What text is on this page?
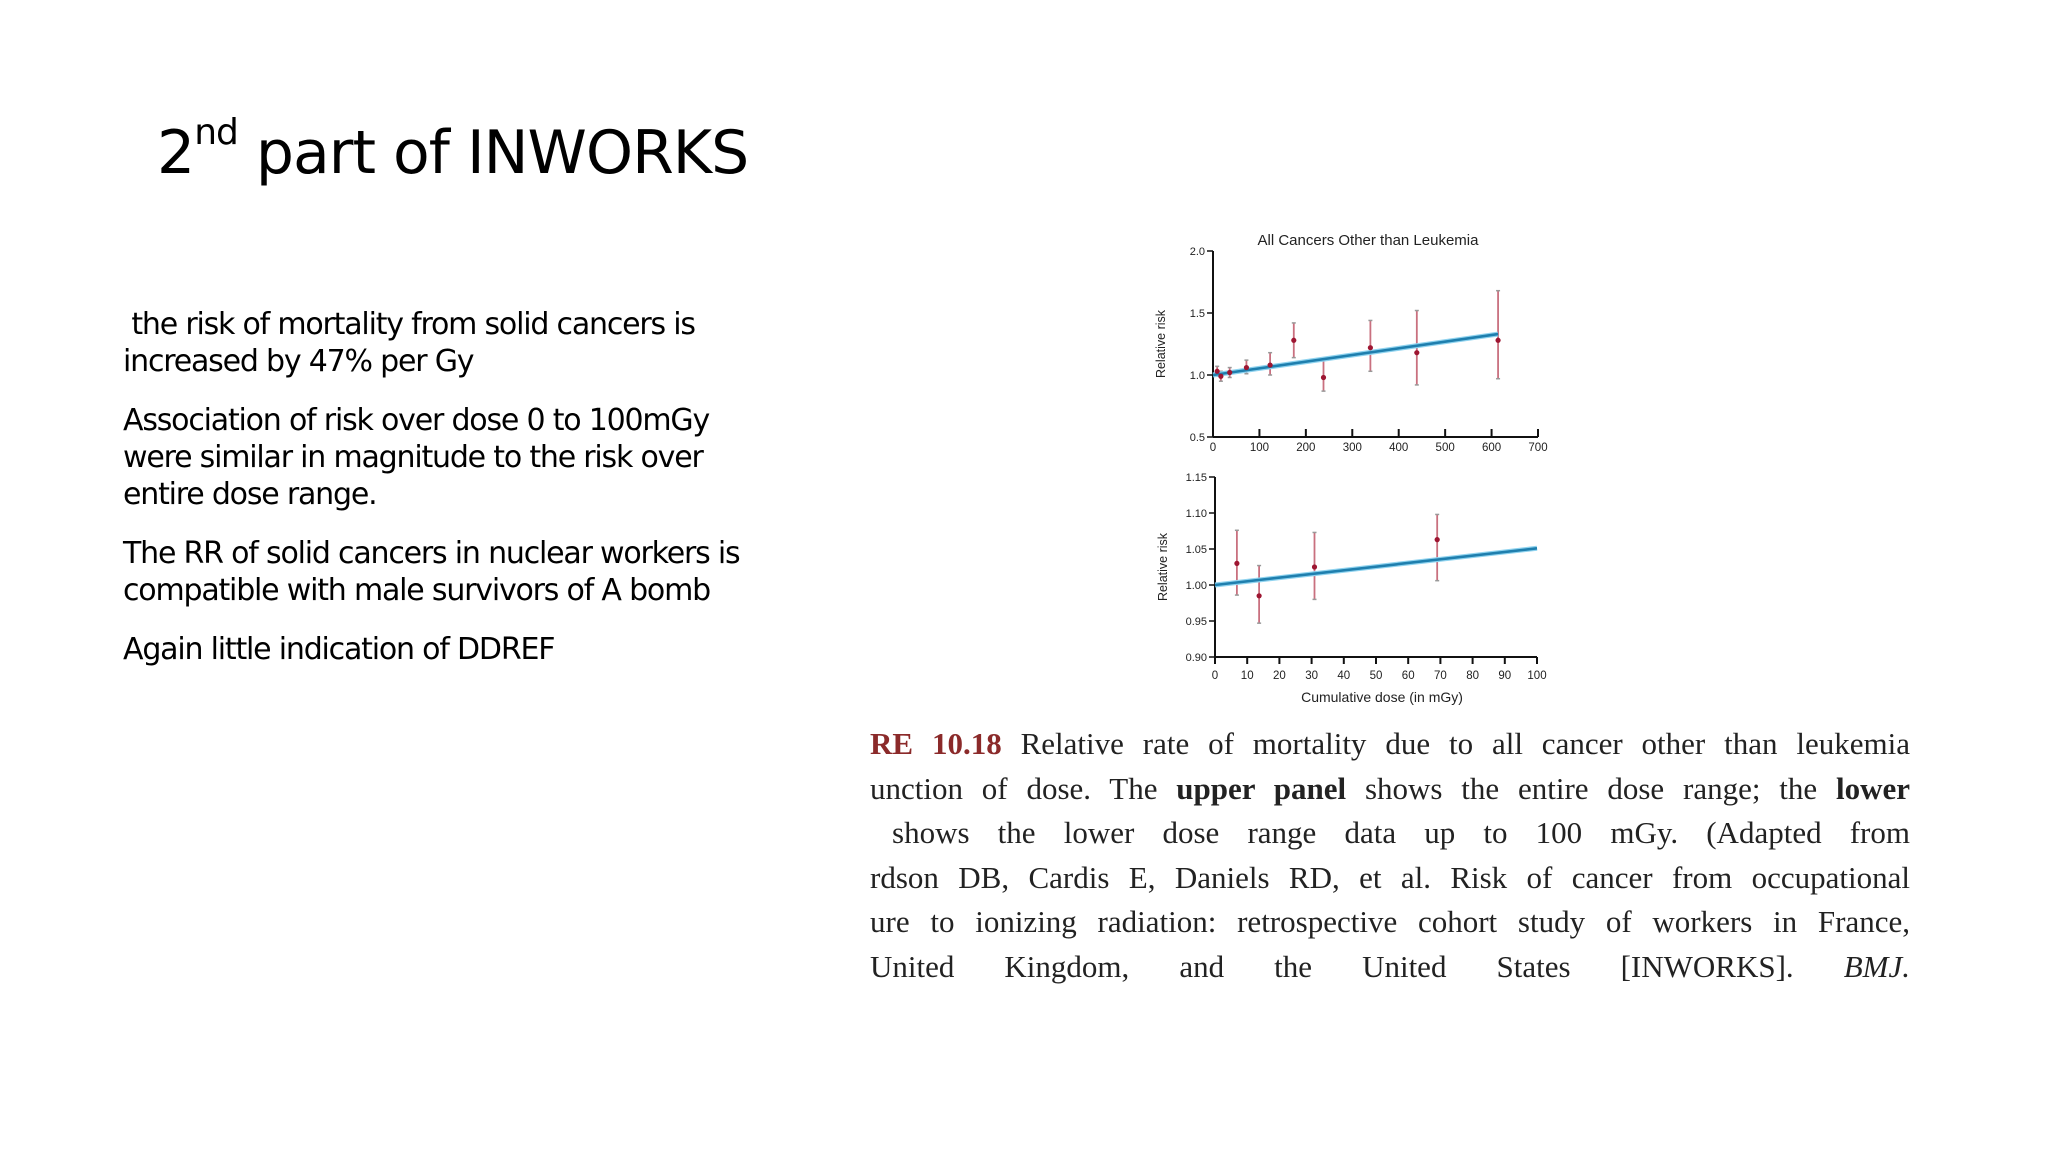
2nd part of INWORKS

the risk of mortality from solid cancers is increased by 47% per Gy

Association of risk over dose 0 to 100mGy were similar in magnitude to the risk over entire dose range.

The RR of solid cancers in nuclear workers is compatible with male survivors of A bomb

Again little indication of DDREF

0.5
1.0
1.5
2.0
0	100 200 300 400 500 600 700
Relative risk
All Cancers Other than Leukemia
0.90
0.95
1.00
1.05
1.10
1.15
0 10 20 30 40 50 60 70 80 90 100
Relative risk
Cumulative dose (in mGy)
RE 10.18 Relative rate of mortality due to all cancer other than leukemia
unction of dose. The upper panel shows the entire dose range; the lower
shows the lower dose range data up to 100 mGy. (Adapted from
rdson DB, Cardis E, Daniels RD, et al. Risk of cancer from occupational
ure to ionizing radiation: retrospective cohort study of workers in France,
United Kingdom, and the United States [INWORKS]. BMJ.
